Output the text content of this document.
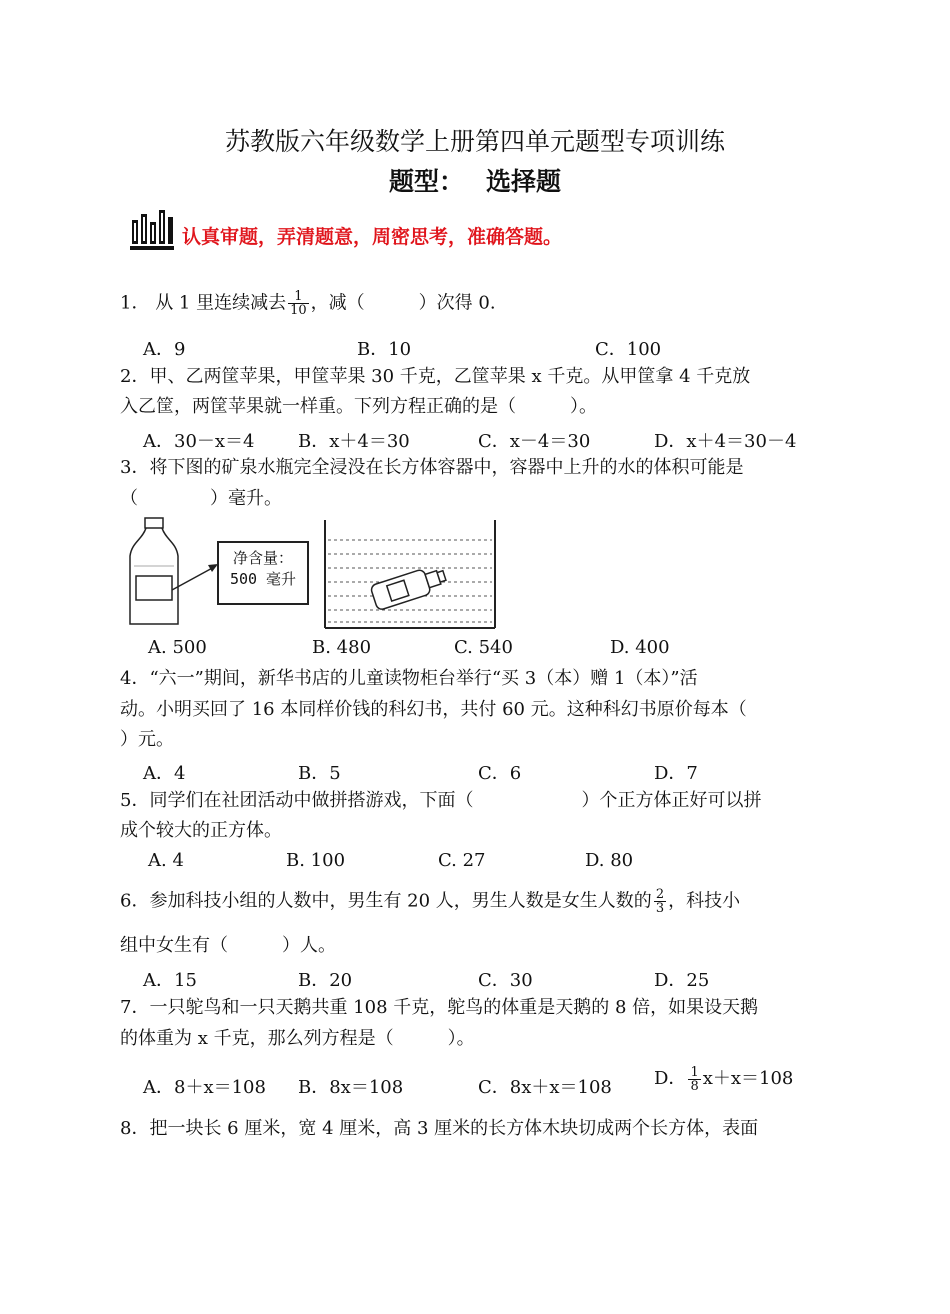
苏教版六年级数学上册第四单元题型专项训练
题型： 选择题
认真审题，弄清题意，周密思考，准确答题。
1． 从 1 里连续减去 $\frac{1}{10}$ ，减（　　　）次得 0.
A．9	B．10	C．100
2．甲、乙两筐苹果，甲筐苹果 30 千克，乙筐苹果 x 千克。从甲筐拿 4 千克放
入乙筐，两筐苹果就一样重。下列方程正确的是（　　　）。
A．30－x＝4 B．x＋4＝30	C．x－4＝30	D．x＋4＝30－4
3．将下图的矿泉水瓶完全浸没在长方体容器中，容器中上升的水的体积可能是
（　　　　）毫升。
净含量：
500 毫升
A. 500	B. 480	C. 540	D. 400
4．“六一”期间，新华书店的儿童读物柜台举行“买 3（本）赠 1（本）”活
动。小明买回了 16 本同样价钱的科幻书，共付 60 元。这种科幻书原价每本（
）元。
A．4	B．5	C．6	D．7
5．同学们在社团活动中做拼搭游戏，下面（　　　　　　）个正方体正好可以拼
成个较大的正方体。
A. 4	B. 100	C. 27	D. 80
6．参加科技小组的人数中，男生有 20 人，男生人数是女生人数的 $\frac{2}{3}$ ，科技小
组中女生有（　　　）人。
A．15	B．20	C．30	D．25
7．一只鸵鸟和一只天鹅共重 108 千克，鸵鸟的体重是天鹅的 8 倍，如果设天鹅
的体重为 x 千克，那么列方程是（　　　）。
A．8＋x＝108 B．8x＝108	C．8x＋x＝108 D． $\frac{1}{8} x+x=108$
8．把一块长 6 厘米，宽 4 厘米，高 3 厘米的长方体木块切成两个长方体，表面
